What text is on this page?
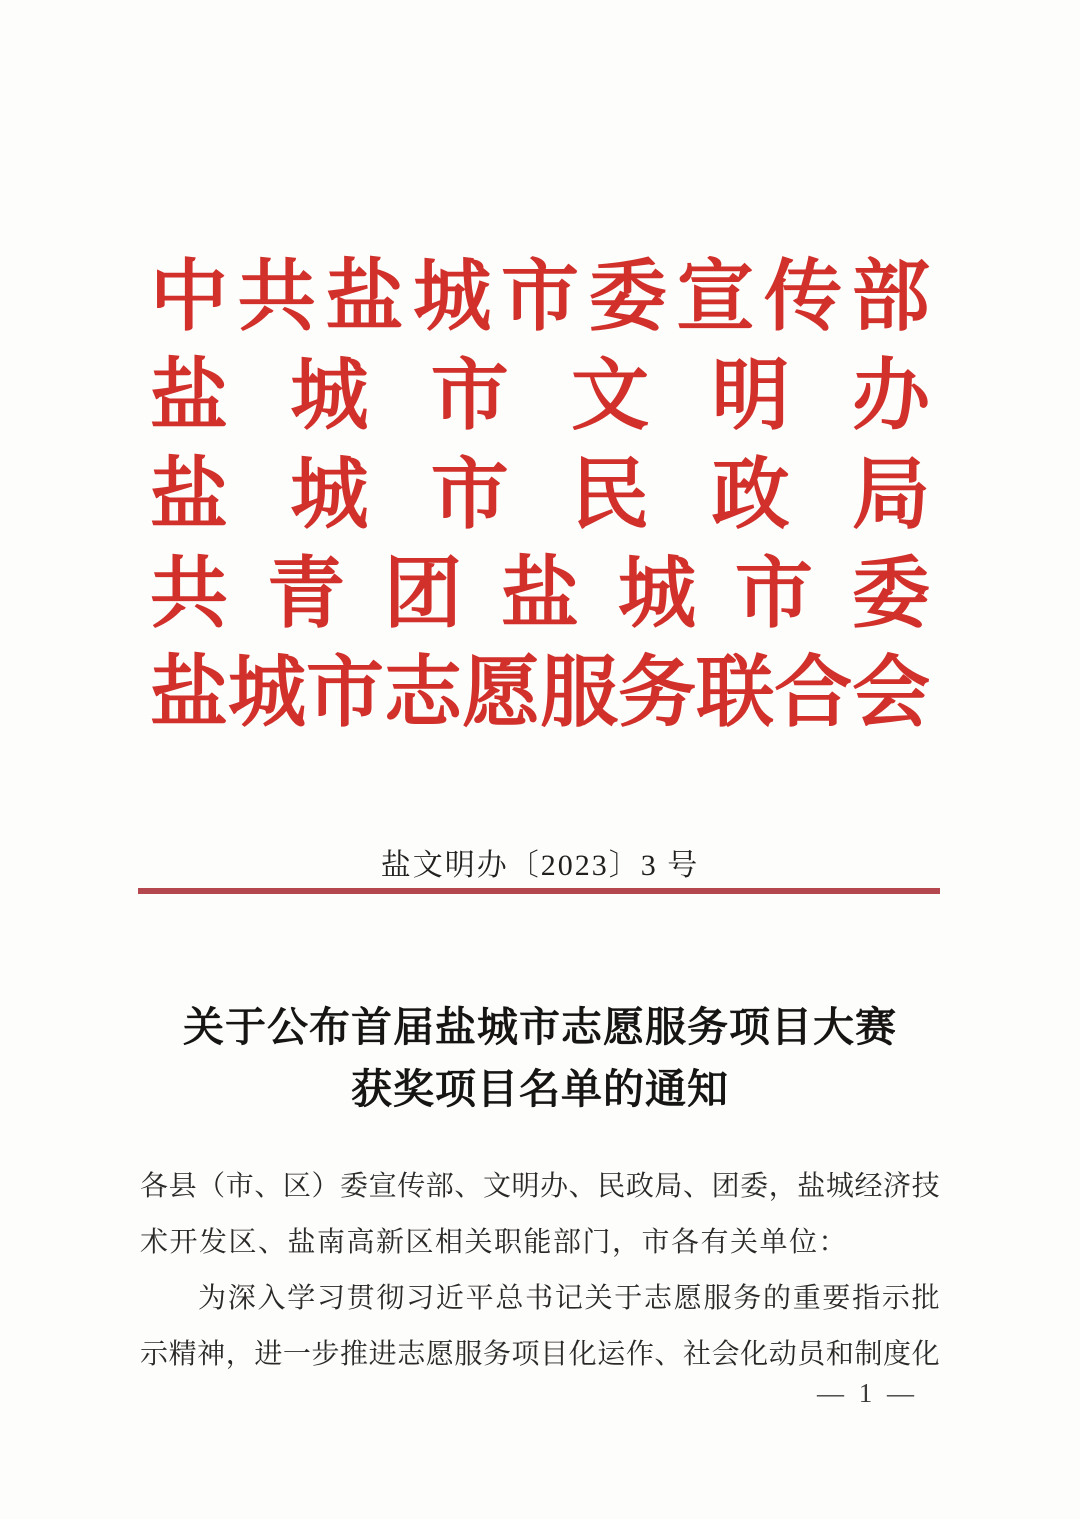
中 共 盐 城 市 委 宣 传 部
盐 城 市 文 明 办
盐 城 市 民 政 局
共 青 团 盐 城 市 委
盐 城 市 志 愿 服 务 联 合 会
盐文明办〔2023〕3 号
关于公布首届盐城市志愿服务项目大赛
获奖项目名单的通知
各 县 （ 市 、 区 ） 委 宣 传 部 、 文 明 办 、 民 政 局 、 团 委 ， 盐 城 经 济 技
术开发区、盐南高新区相关职能部门，市各有关单位：
为 深 入 学 习 贯 彻 习 近 平 总 书 记 关 于 志 愿 服 务 的 重 要 指 示 批
示 精 神 ， 进 一 步 推 进 志 愿 服 务 项 目 化 运 作 、 社 会 化 动 员 和 制 度 化
— 1 —
